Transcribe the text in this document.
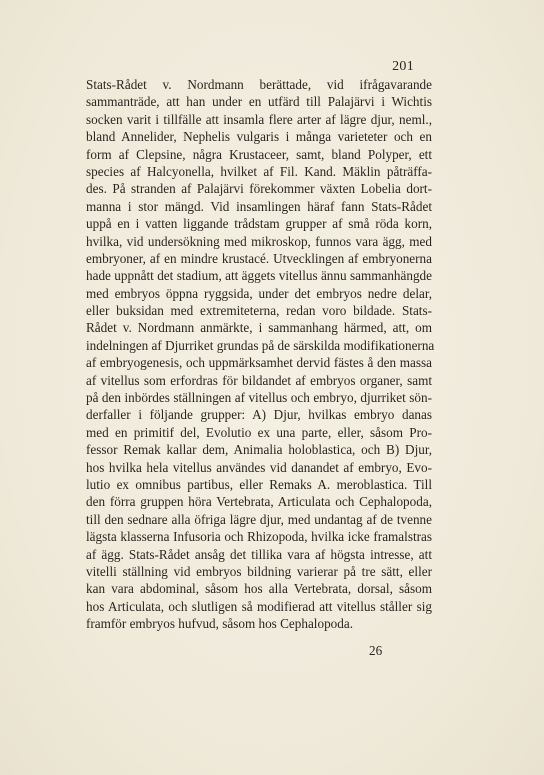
201
Stats-Rådet v. Nordmann berättade, vid ifrågavarande
sammanträde, att han under en utfärd till Palajärvi i Wichtis
socken varit i tillfälle att insamla flere arter af lägre djur, neml.,
bland Annelider, Nephelis vulgaris i många varieteter och en
form af Clepsine, några Krustaceer, samt, bland Polyper, ett
species af Halcyonella, hvilket af Fil. Kand. Mäklin påträffa-
des. På stranden af Palajärvi förekommer växten Lobelia dort-
manna i stor mängd. Vid insamlingen häraf fann Stats-Rådet
uppå en i vatten liggande trådstam grupper af små röda korn,
hvilka, vid undersökning med mikroskop, funnos vara ägg, med
embryoner, af en mindre krustacé. Utvecklingen af embryonerna
hade uppnått det stadium, att äggets vitellus ännu sammanhängde
med embryos öppna ryggsida, under det embryos nedre delar,
eller buksidan med extremiteterna, redan voro bildade. Stats-
Rådet v. Nordmann anmärkte, i sammanhang härmed, att, om
indelningen af Djurriket grundas på de särskilda modifikationerna
af embryogenesis, och uppmärksamhet dervid fästes å den massa
af vitellus som erfordras för bildandet af embryos organer, samt
på den inbördes ställningen af vitellus och embryo, djurriket sön-
derfaller i följande grupper: A) Djur, hvilkas embryo danas
med en primitif del, Evolutio ex una parte, eller, såsom Pro-
fessor Remak kallar dem, Animalia holoblastica, och B) Djur,
hos hvilka hela vitellus användes vid danandet af embryo, Evo-
lutio ex omnibus partibus, eller Remaks A. meroblastica. Till
den förra gruppen höra Vertebrata, Articulata och Cephalopoda,
till den sednare alla öfriga lägre djur, med undantag af de tvenne
lägsta klasserna Infusoria och Rhizopoda, hvilka icke framalstras
af ägg. Stats-Rådet ansåg det tillika vara af högsta intresse, att
vitelli ställning vid embryos bildning varierar på tre sätt, eller
kan vara abdominal, såsom hos alla Vertebrata, dorsal, såsom
hos Articulata, och slutligen så modifierad att vitellus ståller sig
framför embryos hufvud, såsom hos Cephalopoda.
26
